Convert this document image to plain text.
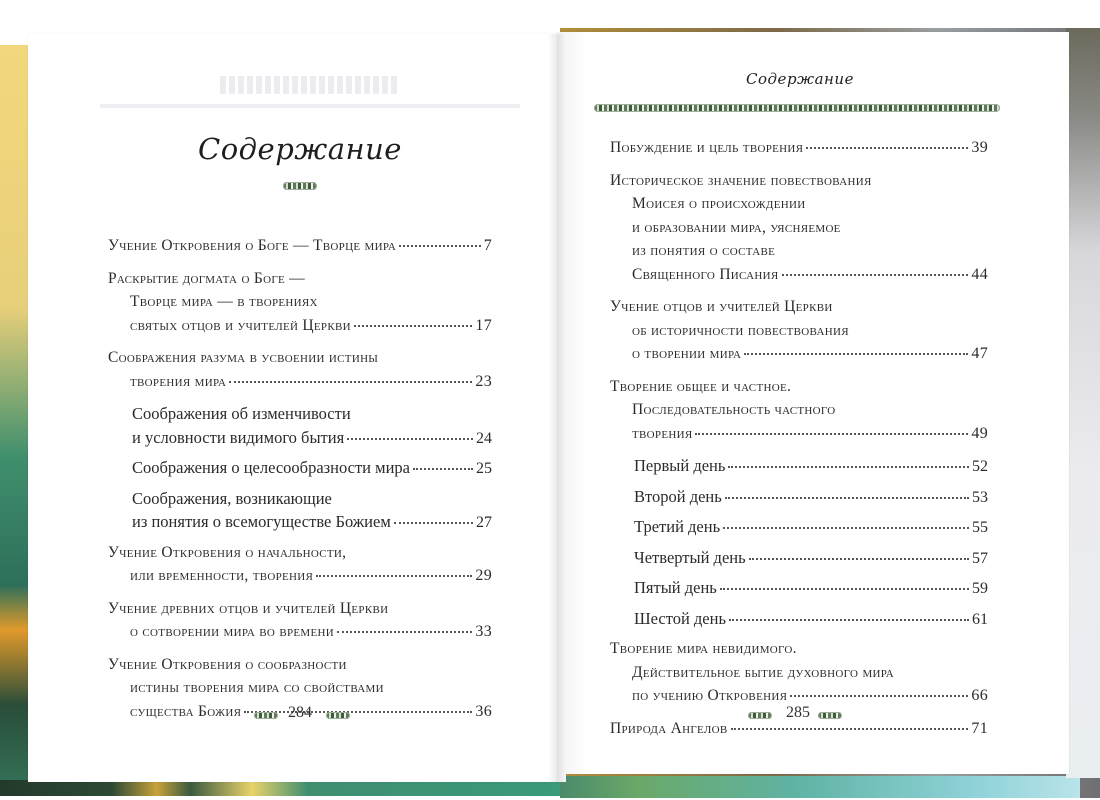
Содержание
Учение Откровения о Боге — Творце мира	7
Раскрытие догмата о Боге —
Творце мира — в творениях
святых отцов и учителей Церкви	17
Соображения разума в усвоении истины
творения мира	23
Соображения об изменчивости
и условности видимого бытия	24
Соображения о целесообразности мира	25
Соображения, возникающие
из понятия о всемогуществе Божием	27
Учение Откровения о начальности,
или временности, творения	29
Учение древних отцов и учителей Церкви
о сотворении мира во времени	33
Учение Откровения о сообразности
истины творения мира со свойствами
существа Божия	36
284
Содержание
Побуждение и цель творения	39
Историческое значение повествования
Моисея о происхождении
и образовании мира, уясняемое
из понятия о составе
Священного Писания	44
Учение отцов и учителей Церкви
об историчности повествования
о творении мира	47
Творение общее и частное.
Последовательность частного
творения	49
Первый день	52
Второй день	53
Третий день	55
Четвертый день	57
Пятый день	59
Шестой день	61
Творение мира невидимого.
Действительное бытие духовного мира
по учению Откровения	66
Природа Ангелов	71
285
